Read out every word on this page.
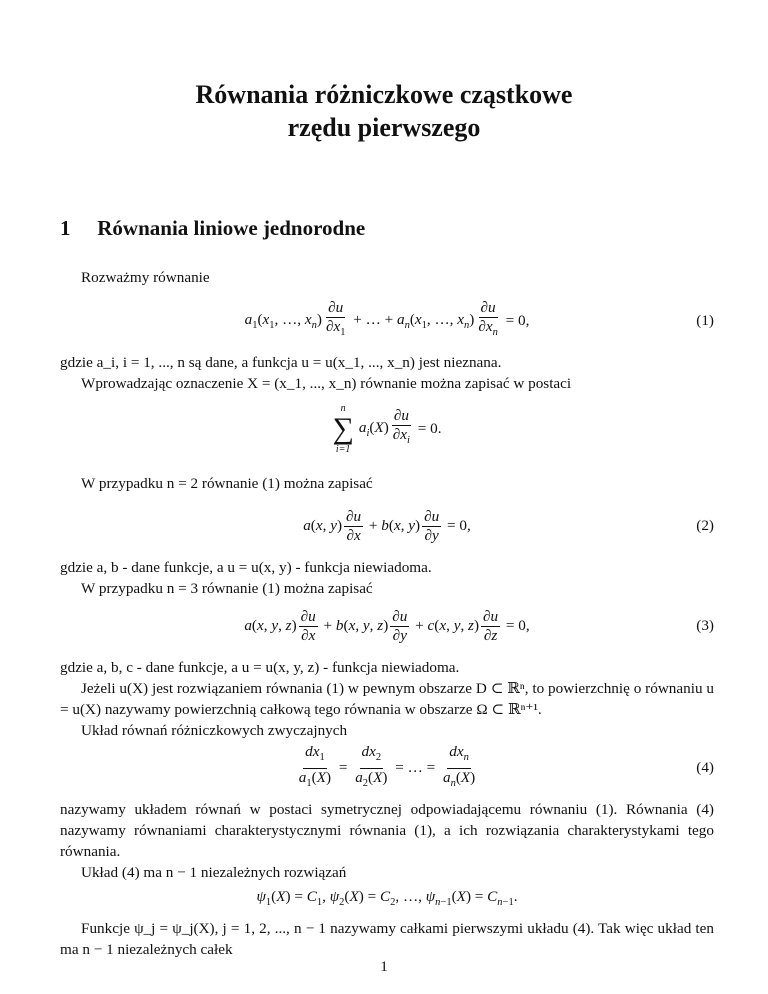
Równania różniczkowe cząstkowe
rzędu pierwszego
1 Równania liniowe jednorodne
Rozważmy równanie
$a_1(x_1$, …, $x_n) \frac{\partial u}{\partial x_1}$ + … + $a_n(x_1$, …, $x_n) \frac{\partial u}{\partial x_n} = 0$,	(1)
gdzie a_i, i = 1, ..., n są dane, a funkcja u = u(x_1, ..., x_n) jest nieznana.
Wprowadzając oznaczenie X = (x_1, ..., x_n) równanie można zapisać w postaci
n
∑
i=1
$a_i(X) \frac{\partial u}{\partial x_i} = 0$.
W przypadku n = 2 równanie (1) można zapisać
a(x, $y) \frac{\partial u}{\partial x} + b(x$, $y) \frac{\partial u}{\partial y} = 0$,	(2)
gdzie a, b - dane funkcje, a u = u(x, y) - funkcja niewiadoma.
W przypadku n = 3 równanie (1) można zapisać
a(x, y, $z) \frac{\partial u}{\partial x} + b(x$, y, $z) \frac{\partial u}{\partial y} + c(x$, y, $z) \frac{\partial u}{\partial z} = 0$,	(3)
gdzie a, b, c - dane funkcje, a u = u(x, y, z) - funkcja niewiadoma.
Jeżeli u(X) jest rozwiązaniem równania (1) w pewnym obszarze D ⊂ ℝⁿ, to powierzchnię o równaniu u = u(X) nazywamy powierzchnią całkową tego równania w obszarze Ω ⊂ ℝⁿ⁺¹.
Układ równań różniczkowych zwyczajnych
$\frac{dx_1}{a_1(X)} = \frac{dx_2}{a_2(X)}$ = … = $\frac{dx_n}{a_n(X)}$	(4)
nazywamy układem równań w postaci symetrycznej odpowiadającemu równaniu (1). Równania (4) nazywamy równaniami charakterystycznymi równania (1), a ich rozwiązania charakterystykami tego równania.
Układ (4) ma n − 1 niezależnych rozwiązań
$\psi_1(X) = C_1$, $\psi_2(X) = C_2$, …, $\psi_{n-1}(X) = C_{n-1}$.
Funkcje ψ_j = ψ_j(X), j = 1, 2, ..., n − 1 nazywamy całkami pierwszymi układu (4). Tak więc układ ten ma n − 1 niezależnych całek
1
